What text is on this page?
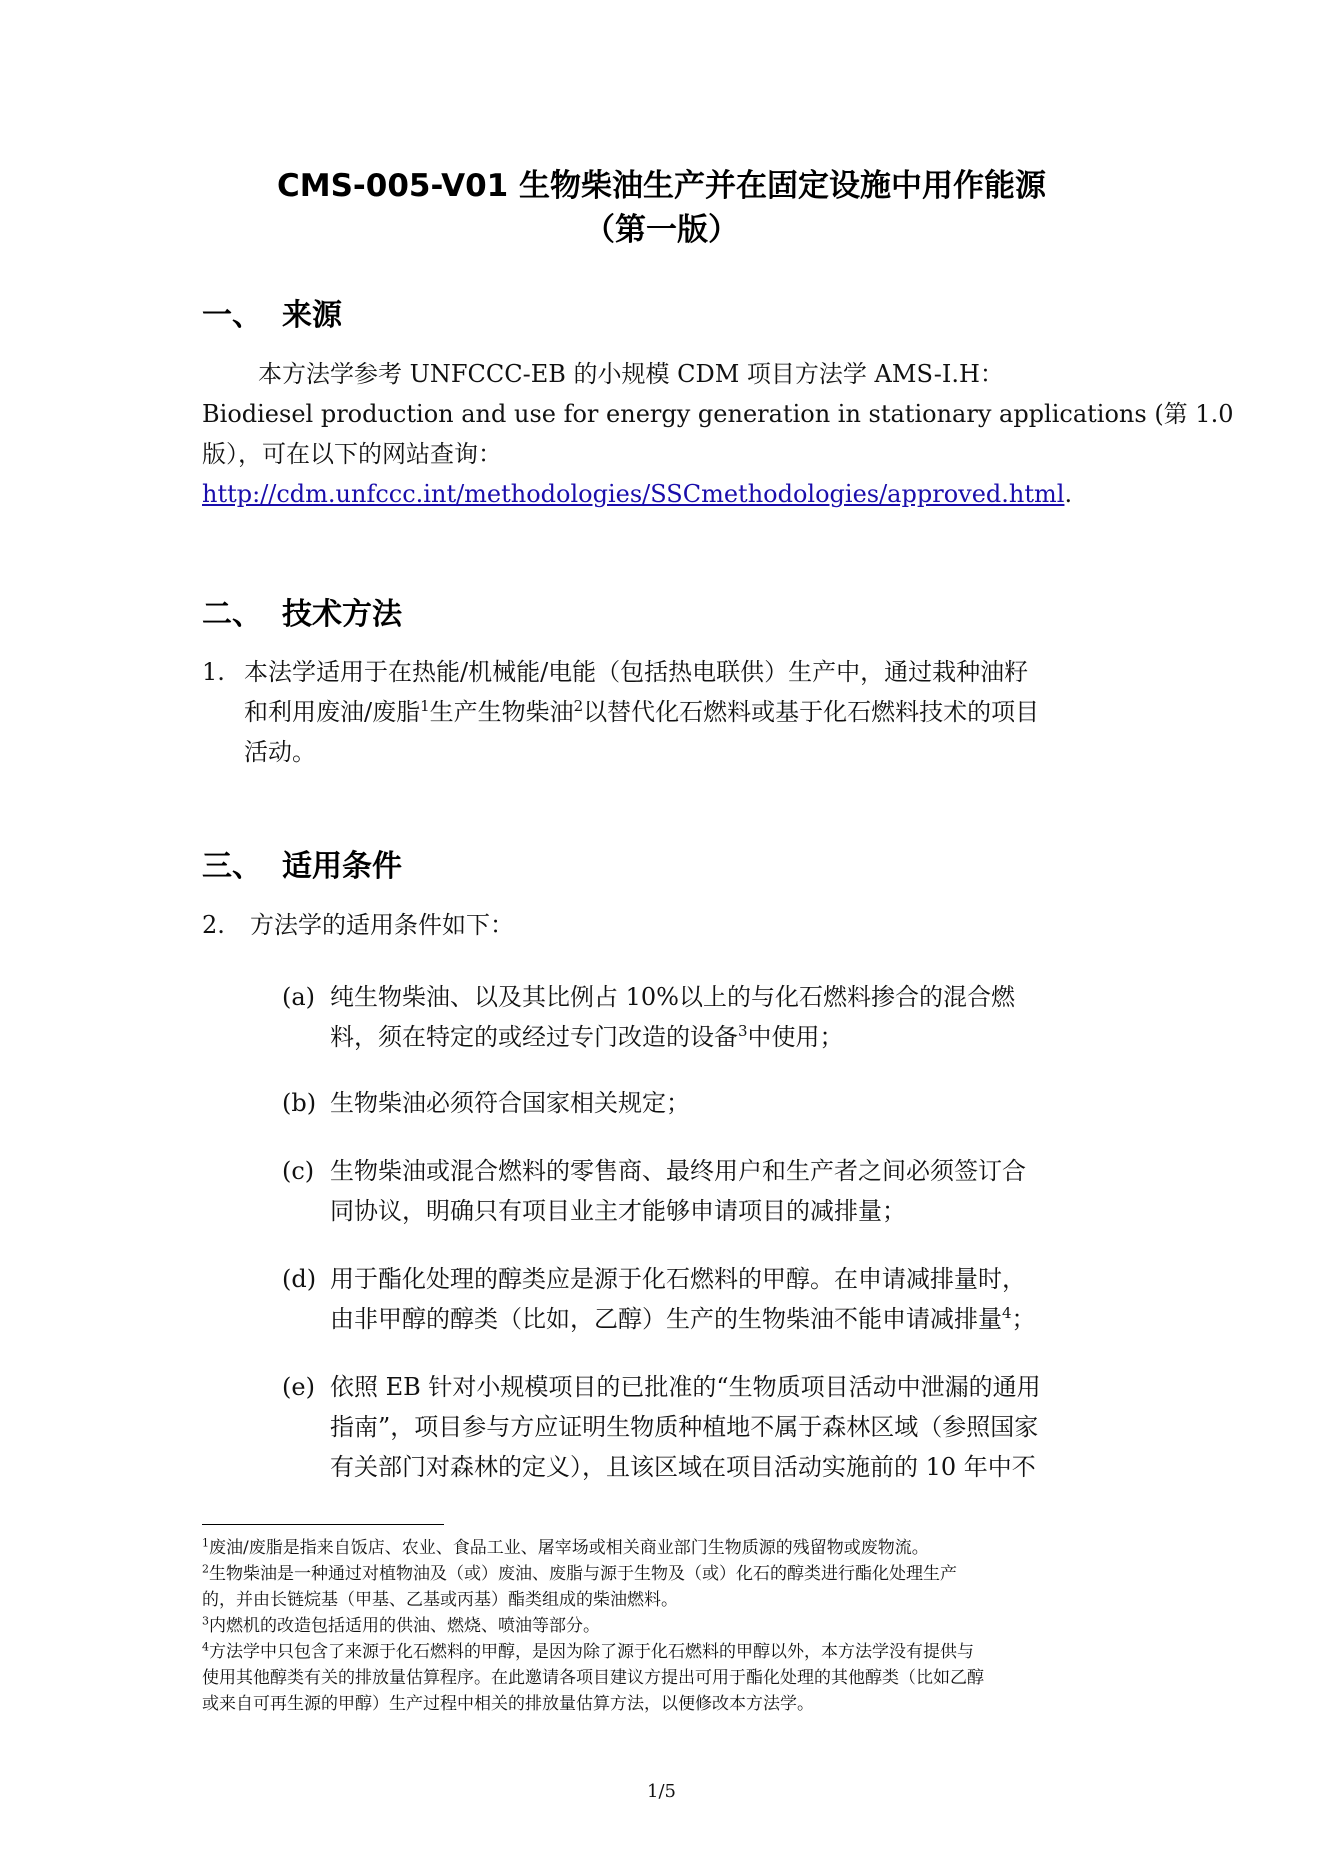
CMS-005-V01 生物柴油生产并在固定设施中用作能源
（第一版）
一、 来源
本方法学参考 UNFCCC-EB 的小规模 CDM 项目方法学 AMS-I.H：
Biodiesel production and use for energy generation in stationary applications (第 1.0
版），可在以下的网站查询：
http://cdm.unfccc.int/methodologies/SSCmethodologies/approved.html.
二、 技术方法
1. 本法学适用于在热能/机械能/电能（包括热电联供）生产中，通过栽种油籽
和利用废油/废脂$^1$生产生物柴油$^2$以替代化石燃料或基于化石燃料技术的项目
活动。
三、 适用条件
2. 方法学的适用条件如下：
(a) 纯生物柴油、以及其比例占 10%以上的与化石燃料掺合的混合燃
料，须在特定的或经过专门改造的设备$^3$中使用；
(b) 生物柴油必须符合国家相关规定；
(c) 生物柴油或混合燃料的零售商、最终用户和生产者之间必须签订合
同协议，明确只有项目业主才能够申请项目的减排量；
(d) 用于酯化处理的醇类应是源于化石燃料的甲醇。在申请减排量时，
由非甲醇的醇类（比如，乙醇）生产的生物柴油不能申请减排量$^4$；
(e) 依照 EB 针对小规模项目的已批准的“生物质项目活动中泄漏的通用
指南”，项目参与方应证明生物质种植地不属于森林区域（参照国家
有关部门对森林的定义），且该区域在项目活动实施前的 10 年中不
$^1$废油/废脂是指来自饭店、农业、食品工业、屠宰场或相关商业部门生物质源的残留物或废物流。
$^2$生物柴油是一种通过对植物油及（或）废油、废脂与源于生物及（或）化石的醇类进行酯化处理生产
的，并由长链烷基（甲基、乙基或丙基）酯类组成的柴油燃料。
$^3$内燃机的改造包括适用的供油、燃烧、喷油等部分。
$^4$方法学中只包含了来源于化石燃料的甲醇，是因为除了源于化石燃料的甲醇以外，本方法学没有提供与
使用其他醇类有关的排放量估算程序。在此邀请各项目建议方提出可用于酯化处理的其他醇类（比如乙醇
或来自可再生源的甲醇）生产过程中相关的排放量估算方法，以便修改本方法学。
1/5
